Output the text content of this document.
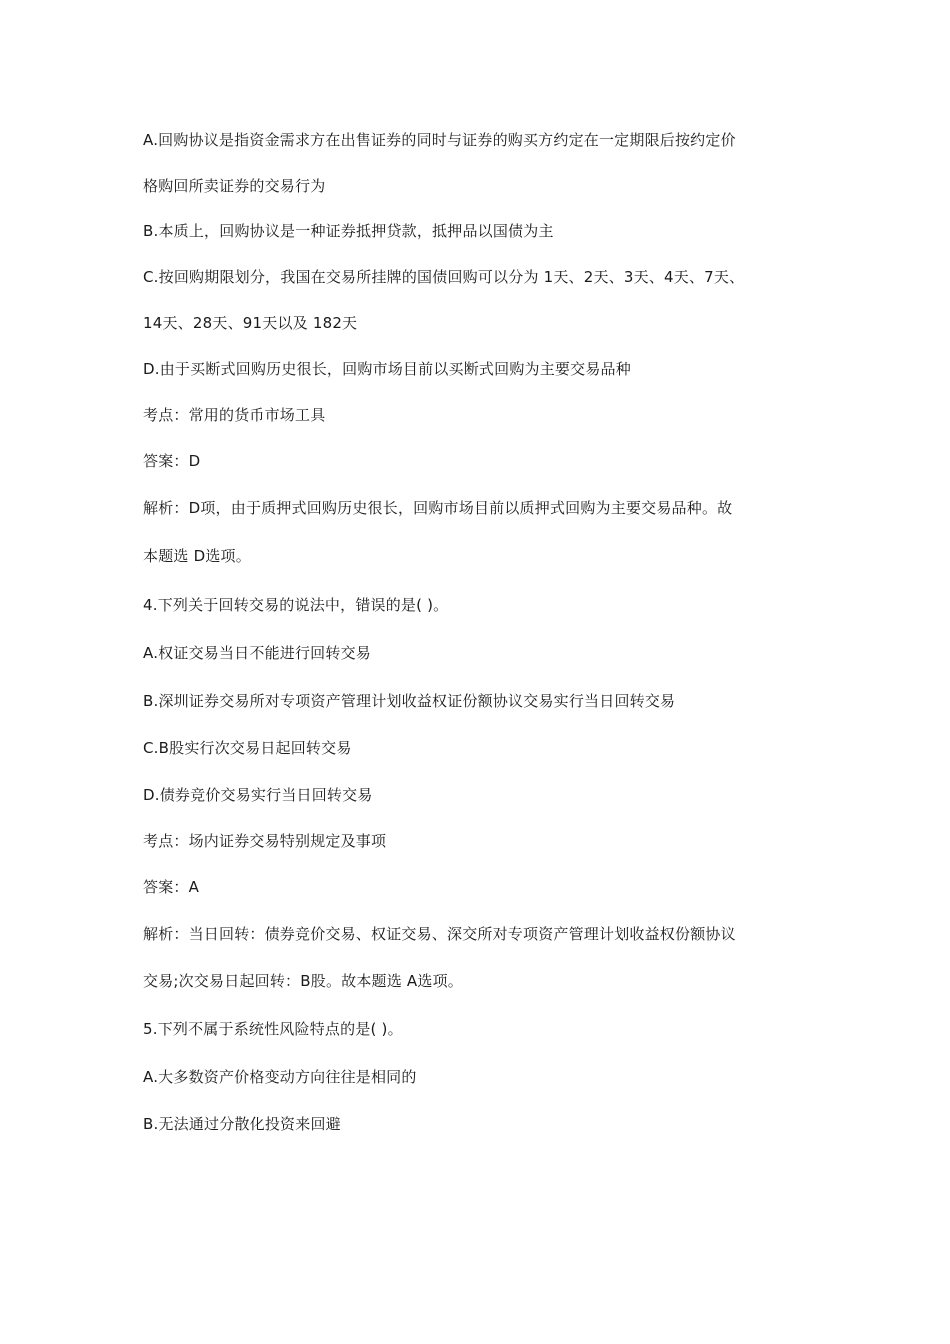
A.回购协议是指资金需求方在出售证券的同时与证券的购买方约定在一定期限后按约定价
格购回所卖证券的交易行为
B.本质上，回购协议是一种证券抵押贷款，抵押品以国债为主
C.按回购期限划分，我国在交易所挂牌的国债回购可以分为 1天、2天、3天、4天、7天、
14天、28天、91天以及 182天
D.由于买断式回购历史很长，回购市场目前以买断式回购为主要交易品种
考点：常用的货币市场工具
答案：D
解析：D项，由于质押式回购历史很长，回购市场目前以质押式回购为主要交易品种。故
本题选 D选项。
4.下列关于回转交易的说法中，错误的是( )。
A.权证交易当日不能进行回转交易
B.深圳证券交易所对专项资产管理计划收益权证份额协议交易实行当日回转交易
C.B股实行次交易日起回转交易
D.债券竞价交易实行当日回转交易
考点：场内证券交易特别规定及事项
答案：A
解析：当日回转：债券竞价交易、权证交易、深交所对专项资产管理计划收益权份额协议
交易;次交易日起回转：B股。故本题选 A选项。
5.下列不属于系统性风险特点的是( )。
A.大多数资产价格变动方向往往是相同的
B.无法通过分散化投资来回避
